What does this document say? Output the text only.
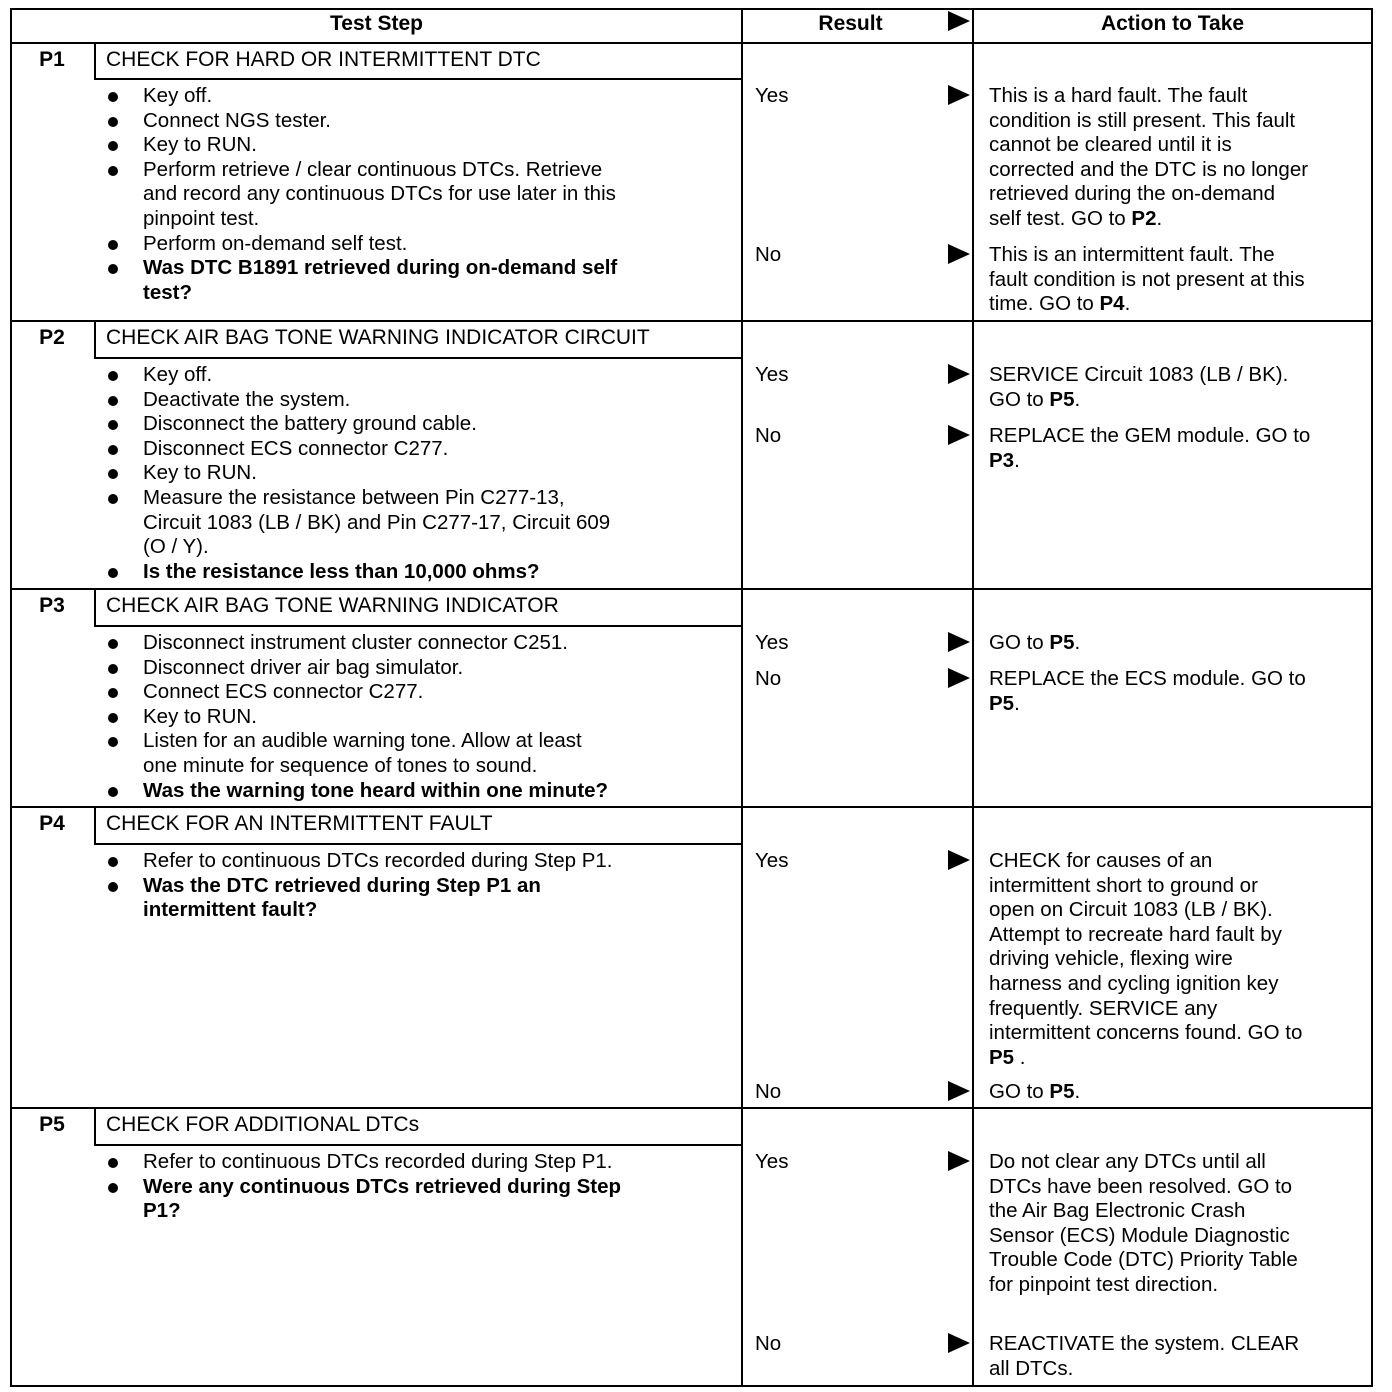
Test Step	Result	Action to Take
P1	CHECK FOR HARD OR INTERMITTENT DTC
Key off.
Connect NGS tester.
Key to RUN.
Perform retrieve / clear continuous DTCs. Retrieve
and record any continuous DTCs for use later in this
pinpoint test.
Perform on-demand self test.
Was DTC B1891 retrieved during on-demand self
test?
Yes	This is a hard fault. The fault
condition is still present. This fault
cannot be cleared until it is
corrected and the DTC is no longer
retrieved during the on-demand
self test. GO to P2.
No	This is an intermittent fault. The
fault condition is not present at this
time. GO to P4.
P2	CHECK AIR BAG TONE WARNING INDICATOR CIRCUIT
Key off.
Deactivate the system.
Disconnect the battery ground cable.
Disconnect ECS connector C277.
Key to RUN.
Measure the resistance between Pin C277-13,
Circuit 1083 (LB / BK) and Pin C277-17, Circuit 609
(O / Y).
Is the resistance less than 10,000 ohms?
Yes	SERVICE Circuit 1083 (LB / BK).
GO to P5.
No	REPLACE the GEM module. GO to
P3.
P3	CHECK AIR BAG TONE WARNING INDICATOR
Disconnect instrument cluster connector C251.
Disconnect driver air bag simulator.
Connect ECS connector C277.
Key to RUN.
Listen for an audible warning tone. Allow at least
one minute for sequence of tones to sound.
Was the warning tone heard within one minute?
Yes	GO to P5.
No	REPLACE the ECS module. GO to
P5.
P4	CHECK FOR AN INTERMITTENT FAULT
Refer to continuous DTCs recorded during Step P1.
Was the DTC retrieved during Step P1 an
intermittent fault?
Yes	CHECK for causes of an
intermittent short to ground or
open on Circuit 1083 (LB / BK).
Attempt to recreate hard fault by
driving vehicle, flexing wire
harness and cycling ignition key
frequently. SERVICE any
intermittent concerns found. GO to
P5 .
No	GO to P5.
P5	CHECK FOR ADDITIONAL DTCs
Refer to continuous DTCs recorded during Step P1.
Were any continuous DTCs retrieved during Step
P1?
Yes	Do not clear any DTCs until all
DTCs have been resolved. GO to
the Air Bag Electronic Crash
Sensor (ECS) Module Diagnostic
Trouble Code (DTC) Priority Table
for pinpoint test direction.
No	REACTIVATE the system. CLEAR
all DTCs.
